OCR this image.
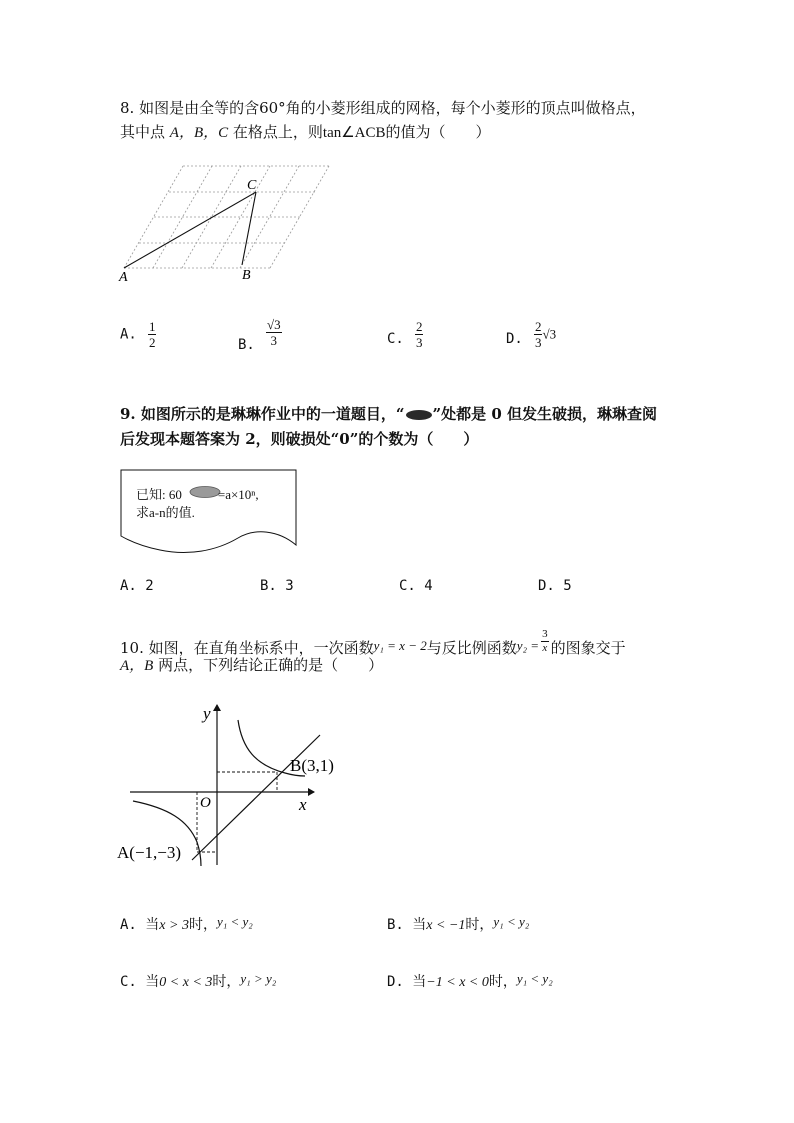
8. 如图是由全等的含60°角的小菱形组成的网格，每个小菱形的顶点叫做格点，
其中点 A，B，C 在格点上，则tan∠ACB的值为（　　）
A	B
C
A. $\frac{1}{2}$	B. $\frac{√3}{3}$	C. $\frac{2}{3}$	D. $\frac{2}{3} √3$
9. 如图所示的是琳琳作业中的一道题目，“ ”处都是 0 但发生破损，琳琳查阅
后发现本题答案为 2，则破损处“0”的个数为（　　）
已知: 60	=a×10ⁿ,
求a-n的值.
A. 2	B. 3	C. 4	D. 5
10. 如图，在直角坐标系中，一次函数y₁ = x − 2与反比例函数$y_2 = \frac{3}{x}$ 的图象交于
A，B 两点，下列结论正确的是（　　）
y
x
O
B(3,1)
A(−1,−3)
A. 当x > 3时，y₁ < y₂	B. 当x < −1时，y₁ < y₂
C. 当0 < x < 3时，y₁ > y₂	D. 当−1 < x < 0时，y₁ < y₂
